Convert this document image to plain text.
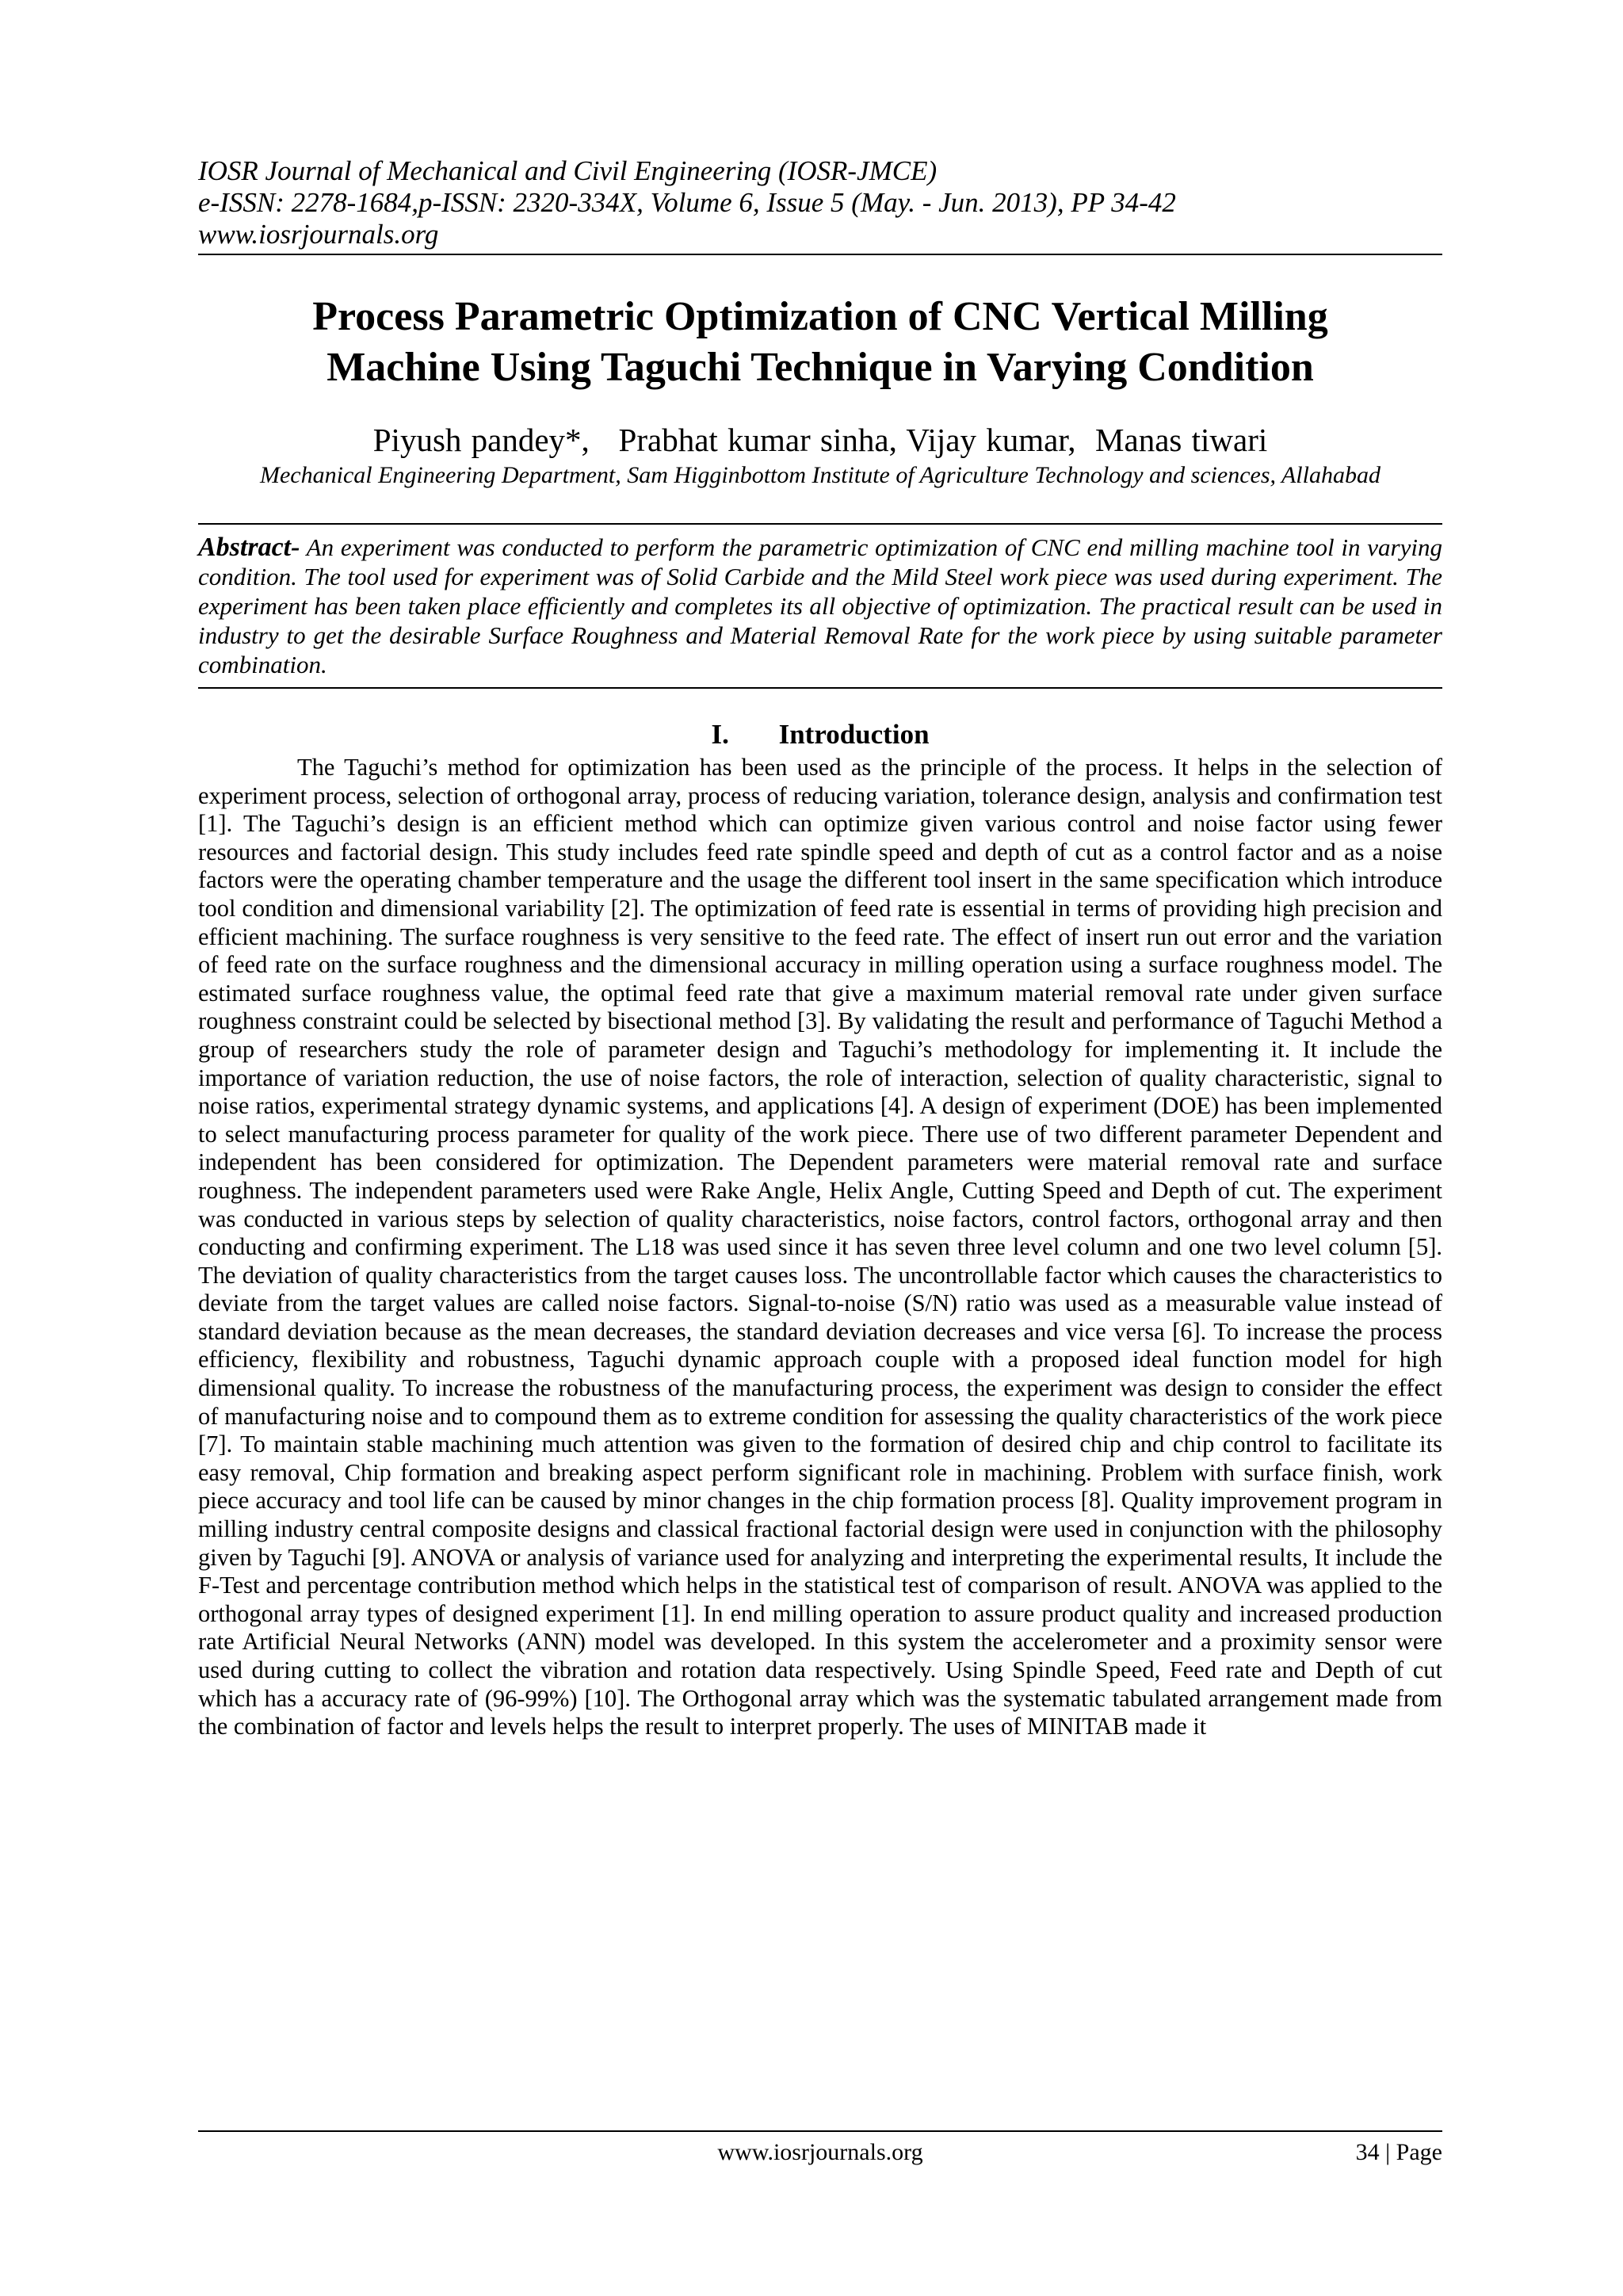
IOSR Journal of Mechanical and Civil Engineering (IOSR-JMCE)
e-ISSN: 2278-1684,p-ISSN: 2320-334X, Volume 6, Issue 5 (May. - Jun. 2013), PP 34-42
www.iosrjournals.org
Process Parametric Optimization of CNC Vertical Milling
Machine Using Taguchi Technique in Varying Condition
Piyush pandey*,   Prabhat kumar sinha, Vijay kumar,  Manas tiwari
Mechanical Engineering Department, Sam Higginbottom Institute of Agriculture Technology and sciences, Allahabad
Abstract- An experiment was conducted to perform the parametric optimization of CNC end milling machine tool in varying condition. The tool used for experiment was of Solid Carbide and the Mild Steel work piece was used during experiment. The experiment has been taken place efficiently and completes its all objective of optimization. The practical result can be used in industry to get the desirable Surface Roughness and Material Removal Rate for the work piece by using suitable parameter combination.
I. Introduction
The Taguchi’s method for optimization has been used as the principle of the process. It helps in the selection of experiment process, selection of orthogonal array, process of reducing variation, tolerance design, analysis and confirmation test [1]. The Taguchi’s design is an efficient method which can optimize given various control and noise factor using fewer resources and factorial design. This study includes feed rate spindle speed and depth of cut as a control factor and as a noise factors were the operating chamber temperature and the usage the different tool insert in the same specification which introduce tool condition and dimensional variability [2]. The optimization of feed rate is essential in terms of providing high precision and efficient machining. The surface roughness is very sensitive to the feed rate. The effect of insert run out error and the variation of feed rate on the surface roughness and the dimensional accuracy in milling operation using a surface roughness model. The estimated surface roughness value, the optimal feed rate that give a maximum material removal rate under given surface roughness constraint could be selected by bisectional method [3]. By validating the result and performance of Taguchi Method a group of researchers study the role of parameter design and Taguchi’s methodology for implementing it. It include the importance of variation reduction, the use of noise factors, the role of interaction, selection of quality characteristic, signal to noise ratios, experimental strategy dynamic systems, and applications [4]. A design of experiment (DOE) has been implemented to select manufacturing process parameter for quality of the work piece. There use of two different parameter Dependent and independent has been considered for optimization. The Dependent parameters were material removal rate and surface roughness. The independent parameters used were Rake Angle, Helix Angle, Cutting Speed and Depth of cut. The experiment was conducted in various steps by selection of quality characteristics, noise factors, control factors, orthogonal array and then conducting and confirming experiment. The L18 was used since it has seven three level column and one two level column [5]. The deviation of quality characteristics from the target causes loss. The uncontrollable factor which causes the characteristics to deviate from the target values are called noise factors. Signal-to-noise (S/N) ratio was used as a measurable value instead of standard deviation because as the mean decreases, the standard deviation decreases and vice versa [6]. To increase the process efficiency, flexibility and robustness, Taguchi dynamic approach couple with a proposed ideal function model for high dimensional quality. To increase the robustness of the manufacturing process, the experiment was design to consider the effect of manufacturing noise and to compound them as to extreme condition for assessing the quality characteristics of the work piece [7]. To maintain stable machining much attention was given to the formation of desired chip and chip control to facilitate its easy removal, Chip formation and breaking aspect perform significant role in machining. Problem with surface finish, work piece accuracy and tool life can be caused by minor changes in the chip formation process [8]. Quality improvement program in milling industry central composite designs and classical fractional factorial design were used in conjunction with the philosophy given by Taguchi [9]. ANOVA or analysis of variance used for analyzing and interpreting the experimental results, It include the F-Test and percentage contribution method which helps in the statistical test of comparison of result. ANOVA was applied to the orthogonal array types of designed experiment [1]. In end milling operation to assure product quality and increased production rate Artificial Neural Networks (ANN) model was developed. In this system the accelerometer and a proximity sensor were used during cutting to collect the vibration and rotation data respectively. Using Spindle Speed, Feed rate and Depth of cut which has a accuracy rate of (96-99%) [10]. The Orthogonal array which was the systematic tabulated arrangement made from the combination of factor and levels helps the result to interpret properly. The uses of MINITAB made it
www.iosrjournals.org	34 | Page
